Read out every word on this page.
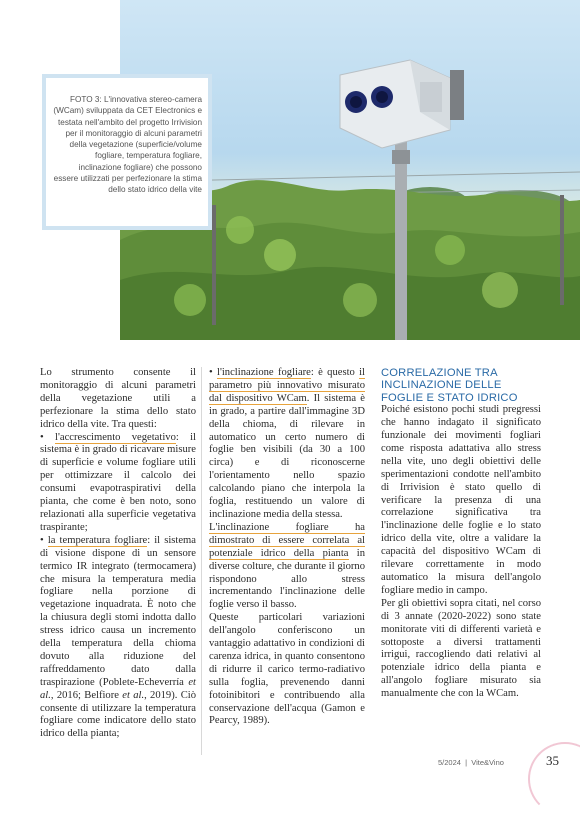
FOTO 3: L'innovativa stereo-camera (WCam) sviluppata da CET Electronics e testata nell'ambito del progetto Irrivision per il monitoraggio di alcuni parametri della vegetazione (superficie/volume fogliare, temperatura fogliare, inclinazione fogliare) che possono essere utilizzati per perfezionare la stima dello stato idrico della vite

Lo strumento consente il monitoraggio di alcuni parametri della vegetazione utili a perfezionare la stima dello stato idrico della vite. Tra questi:

• l'accrescimento vegetativo: il sistema è in grado di ricavare misure di superficie e volume fogliare utili per ottimizzare il calcolo dei consumi evapotraspirativi della pianta, che come è ben noto, sono relazionati alla superficie vegetativa traspirante;

• la temperatura fogliare: il sistema di visione dispone di un sensore termico IR integrato (termocamera) che misura la temperatura media fogliare nella porzione di vegetazione inquadrata. È noto che la chiusura degli stomi indotta dallo stress idrico causa un incremento della temperatura della chioma dovuto alla riduzione del raffreddamento dato dalla traspirazione (Poblete-Echeverría et al., 2016; Belfiore et al., 2019). Ciò consente di utilizzare la temperatura fogliare come indicatore dello stato idrico della pianta;

• l'inclinazione fogliare: è questo il parametro più innovativo misurato dal dispositivo WCam. Il sistema è in grado, a partire dall'immagine 3D della chioma, di rilevare in automatico un certo numero di foglie ben visibili (da 30 a 100 circa) e di riconoscerne l'orientamento nello spazio calcolando piano che interpola la foglia, restituendo un valore di inclinazione media della stessa.

L'inclinazione fogliare ha dimostrato di essere correlata al potenziale idrico della pianta in diverse colture, che durante il giorno rispondono allo stress incrementando l'inclinazione delle foglie verso il basso.

Queste particolari variazioni dell'angolo conferiscono un vantaggio adattativo in condizioni di carenza idrica, in quanto consentono di ridurre il carico termo-radiativo sulla foglia, prevenendo danni fotoinibitori e contribuendo alla conservazione dell'acqua (Gamon e Pearcy, 1989).

CORRELAZIONE TRA INCLINAZIONE DELLE FOGLIE E STATO IDRICO

Poiché esistono pochi studi pregressi che hanno indagato il significato funzionale dei movimenti fogliari come risposta adattativa allo stress nella vite, uno degli obiettivi delle sperimentazioni condotte nell'ambito di Irrivision è stato quello di verificare la presenza di una correlazione significativa tra l'inclinazione delle foglie e lo stato idrico della vite, oltre a validare la capacità del dispositivo WCam di rilevare correttamente in modo automatico la misura dell'angolo fogliare medio in campo.

Per gli obiettivi sopra citati, nel corso di 3 annate (2020-2022) sono state monitorate viti di differenti varietà e sottoposte a diversi trattamenti irrigui, raccogliendo dati relativi al potenziale idrico della pianta e all'angolo fogliare misurato sia manualmente che con la WCam.

5/2024  |  Vite&Vino	35
